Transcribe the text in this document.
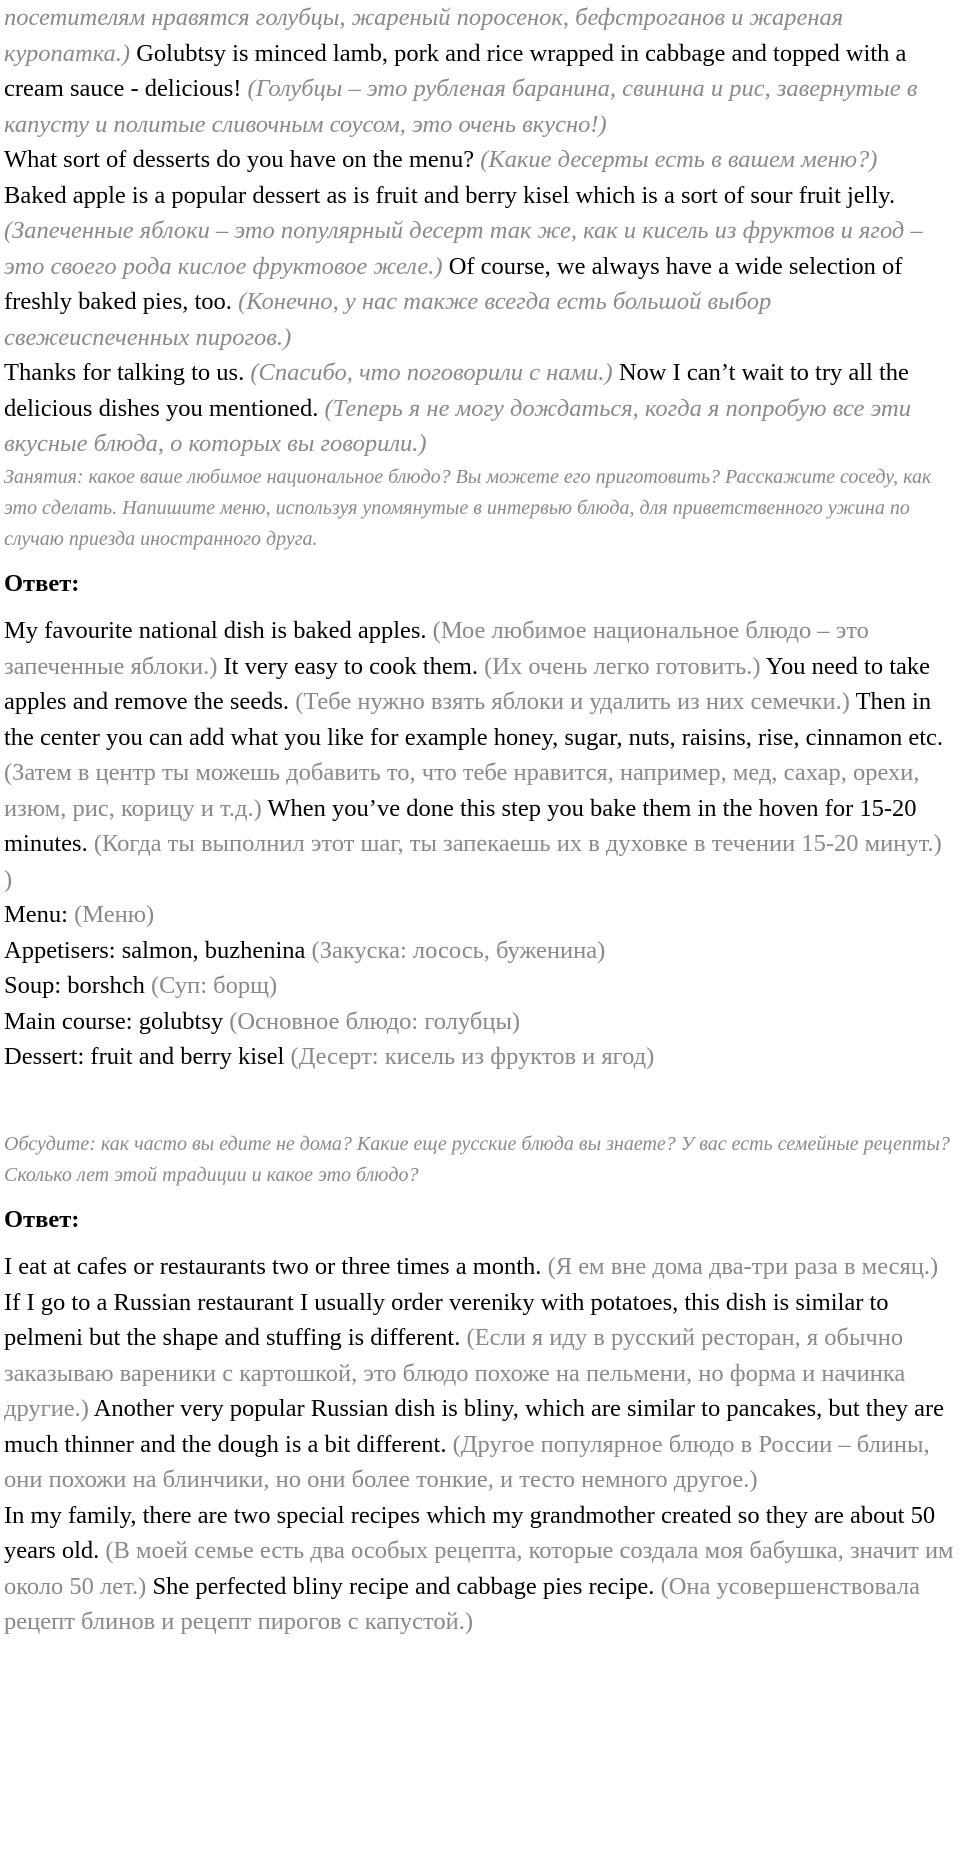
посетителям нравятся голубцы, жареный поросенок, бефстроганов и жареная куропатка.) Golubtsy is minced lamb, pork and rice wrapped in cabbage and topped with a cream sauce - delicious! (Голубцы – это рубленая баранина, свинина и рис, завернутые в капусту и политые сливочным соусом, это очень вкусно!)

What sort of desserts do you have on the menu? (Какие десерты есть в вашем меню?)

Baked apple is a popular dessert as is fruit and berry kisel which is a sort of sour fruit jelly. (Запеченные яблоки – это популярный десерт так же, как и кисель из фруктов и ягод – это своего рода кислое фруктовое желе.) Of course, we always have a wide selection of freshly baked pies, too. (Конечно, у нас также всегда есть большой выбор свежеиспеченных пирогов.)

Thanks for talking to us. (Спасибо, что поговорили с нами.) Now I can’t wait to try all the delicious dishes you mentioned. (Теперь я не могу дождаться, когда я попробую все эти вкусные блюда, о которых вы говорили.)

Занятия: какое ваше любимое национальное блюдо? Вы можете его приготовить? Расскажите соседу, как это сделать. Напишите меню, используя упомянутые в интервью блюда, для приветственного ужина по случаю приезда иностранного друга.

Ответ:

My favourite national dish is baked apples. (Мое любимое национальное блюдо – это запеченные яблоки.) It very easy to cook them. (Их очень легко готовить.) You need to take apples and remove the seeds. (Тебе нужно взять яблоки и удалить из них семечки.) Then in the center you can add what you like for example honey, sugar, nuts, raisins, rise, cinnamon etc. (Затем в центр ты можешь добавить то, что тебе нравится, например, мед, сахар, орехи, изюм, рис, корицу и т.д.) When you’ve done this step you bake them in the hoven for 15-20 minutes. (Когда ты выполнил этот шаг, ты запекаешь их в духовке в течении 15-20 минут.) )

Menu: (Меню)

Appetisers: salmon, buzhenina (Закуска: лосось, буженина)

Soup: borshch (Суп: борщ)

Main course: golubtsy (Основное блюдо: голубцы)

Dessert: fruit and berry kisel (Десерт: кисель из фруктов и ягод)

Обсудите: как часто вы едите не дома? Какие еще русские блюда вы знаете? У вас есть семейные рецепты? Сколько лет этой традиции и какое это блюдо?

Ответ:

I eat at cafes or restaurants two or three times a month. (Я ем вне дома два-три раза в месяц.) If I go to a Russian restaurant I usually order vereniky with potatoes, this dish is similar to pelmeni but the shape and stuffing is different. (Если я иду в русский ресторан, я обычно заказываю вареники с картошкой, это блюдо похоже на пельмени, но форма и начинка другие.) Another very popular Russian dish is bliny, which are similar to pancakes, but they are much thinner and the dough is a bit different. (Другое популярное блюдо в России – блины, они похожи на блинчики, но они более тонкие, и тесто немного другое.)

In my family, there are two special recipes which my grandmother created so they are about 50 years old. (В моей семье есть два особых рецепта, которые создала моя бабушка, значит им около 50 лет.) She perfected bliny recipe and cabbage pies recipe. (Она усовершенствовала рецепт блинов и рецепт пирогов с капустой.)
